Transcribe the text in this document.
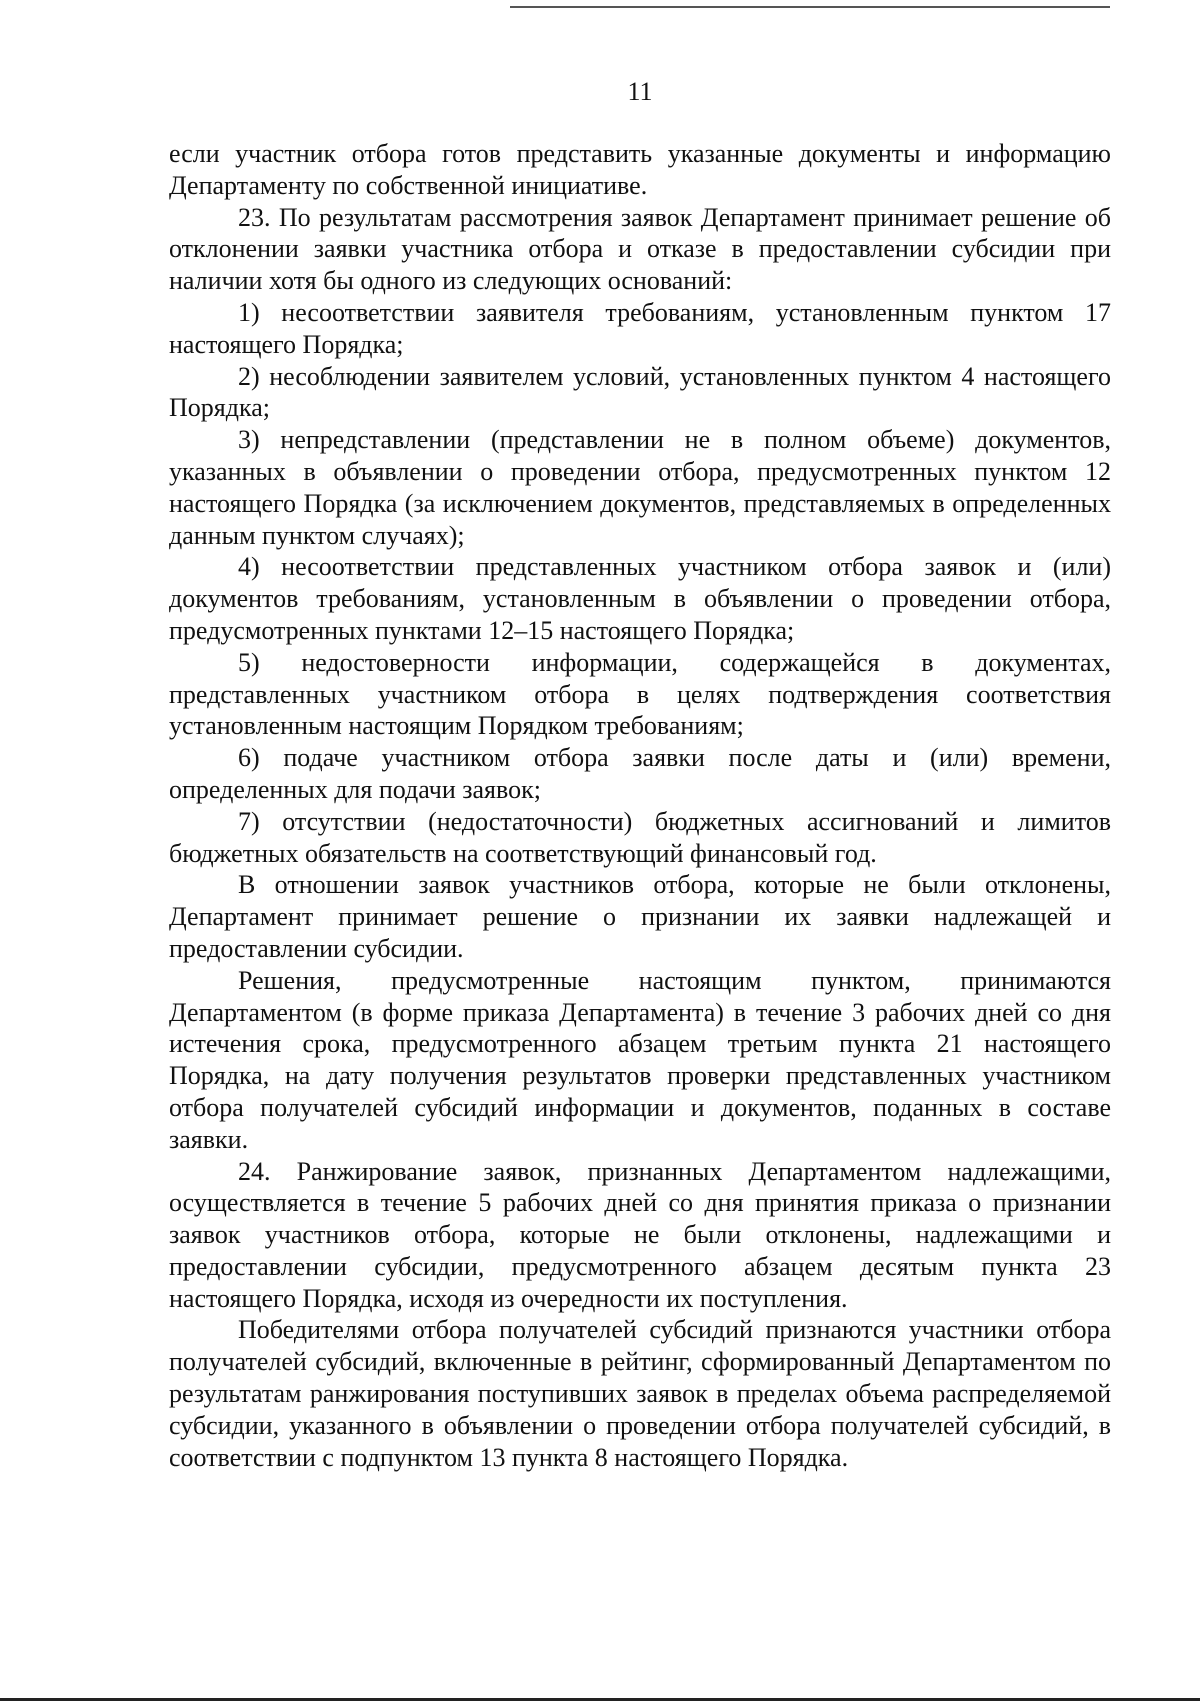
11

если участник отбора готов представить указанные документы и информацию Департаменту по собственной инициативе.

23. По результатам рассмотрения заявок Департамент принимает решение об отклонении заявки участника отбора и отказе в предоставлении субсидии при наличии хотя бы одного из следующих оснований:

1) несоответствии заявителя требованиям, установленным пунктом 17 настоящего Порядка;

2) несоблюдении заявителем условий, установленных пунктом 4 настоящего Порядка;

3) непредставлении (представлении не в полном объеме) документов, указанных в объявлении о проведении отбора, предусмотренных пунктом 12 настоящего Порядка (за исключением документов, представляемых в определенных данным пунктом случаях);

4) несоответствии представленных участником отбора заявок и (или) документов требованиям, установленным в объявлении о проведении отбора, предусмотренных пунктами 12–15 настоящего Порядка;

5) недостоверности информации, содержащейся в документах, представленных участником отбора в целях подтверждения соответствия установленным настоящим Порядком требованиям;

6) подаче участником отбора заявки после даты и (или) времени, определенных для подачи заявок;

7) отсутствии (недостаточности) бюджетных ассигнований и лимитов бюджетных обязательств на соответствующий финансовый год.

В отношении заявок участников отбора, которые не были отклонены, Департамент принимает решение о признании их заявки надлежащей и предоставлении субсидии.

Решения, предусмотренные настоящим пунктом, принимаются Департаментом (в форме приказа Департамента) в течение 3 рабочих дней со дня истечения срока, предусмотренного абзацем третьим пункта 21 настоящего Порядка, на дату получения результатов проверки представленных участником отбора получателей субсидий информации и документов, поданных в составе заявки.

24. Ранжирование заявок, признанных Департаментом надлежащими, осуществляется в течение 5 рабочих дней со дня принятия приказа о признании заявок участников отбора, которые не были отклонены, надлежащими и предоставлении субсидии, предусмотренного абзацем десятым пункта 23 настоящего Порядка, исходя из очередности их поступления.

Победителями отбора получателей субсидий признаются участники отбора получателей субсидий, включенные в рейтинг, сформированный Департаментом по результатам ранжирования поступивших заявок в пределах объема распределяемой субсидии, указанного в объявлении о проведении отбора получателей субсидий, в соответствии с подпунктом 13 пункта 8 настоящего Порядка.
